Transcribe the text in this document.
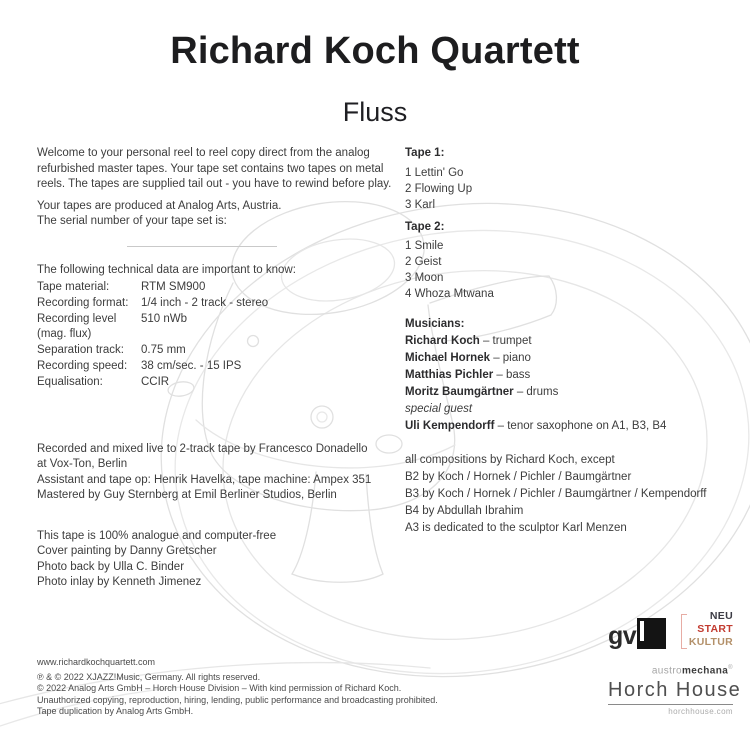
Richard Koch Quartett
Fluss

Welcome to your personal reel to reel copy direct from the analog refurbished master tapes. Your tape set contains two tapes on metal reels. The tapes are supplied tail out - you have to rewind before play.

Your tapes are produced at Analog Arts, Austria.
The serial number of your tape set is:

The following technical data are important to know:

Tape material:	RTM SM900
Recording format:	1/4 inch - 2 track - stereo
Recording level (mag. flux)	510 nWb
Separation track:	0.75 mm
Recording speed:	38 cm/sec. - 15 IPS
Equalisation:	CCIR
Recorded and mixed live to 2-track tape by Francesco Donadello
at Vox-Ton, Berlin
Assistant and tape op: Henrik Havelka, tape machine: Ampex 351
Mastered by Guy Sternberg at Emil Berliner Studios, Berlin
This tape is 100% analogue and computer-free
Cover painting by Danny Gretscher
Photo back by Ulla C. Binder
Photo inlay by Kenneth Jimenez
Tape 1:
1 Lettin' Go
2 Flowing Up
3 Karl
Tape 2:
1 Smile
2 Geist
3 Moon
4 Whoza Mtwana
Musicians:
Richard Koch – trumpet
Michael Hornek – piano
Matthias Pichler – bass
Moritz Baumgärtner – drums
special guest
Uli Kempendorff – tenor saxophone on A1, B3, B4
all compositions by Richard Koch, except
B2 by Koch / Hornek / Pichler / Baumgärtner
B3 by Koch / Hornek / Pichler / Baumgärtner / Kempendorff
B4 by Abdullah Ibrahim
A3 is dedicated to the sculptor Karl Menzen
www.richardkochquartett.com
℗ & © 2022 XJAZZ!Music, Germany. All rights reserved.
© 2022 Analog Arts GmbH – Horch House Division – With kind permission of Richard Koch.
Unauthorized copying, reproduction, hiring, lending, public performance and broadcasting prohibited.
Tape duplication by Analog Arts GmbH.
gv
NEU
START
KULTUR
austromechana®
Horch House
horchhouse.com
